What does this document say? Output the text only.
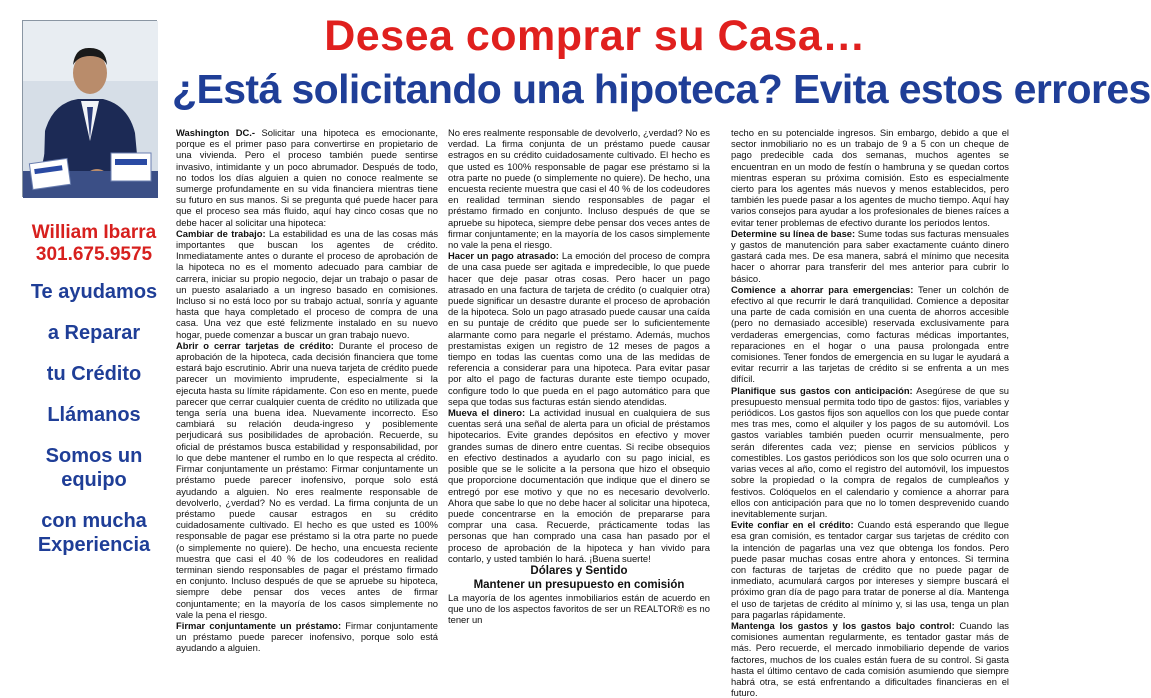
Desea comprar su Casa…
¿Está solicitando una hipoteca? Evita estos errores
William Ibarra
301.675.9575
Te ayudamos
a Reparar
tu Crédito
Llámanos
Somos un
equipo
con mucha
Experiencia

Washington DC.- Solicitar una hipoteca es emocionante, porque es el primer paso para convertirse en propietario de una vivienda. Pero el proceso también puede sentirse invasivo, intimidante y un poco abrumador. Después de todo, no todos los días alguien a quien no conoce realmente se sumerge profundamente en su vida financiera mientras tiene su futuro en sus manos. Si se pregunta qué puede hacer para que el proceso sea más fluido, aquí hay cinco cosas que no debe hacer al solicitar una hipoteca:

Cambiar de trabajo: La estabilidad es una de las cosas más importantes que buscan los agentes de crédito. Inmediatamente antes o durante el proceso de aprobación de la hipoteca no es el momento adecuado para cambiar de carrera, iniciar su propio negocio, dejar un trabajo o pasar de un puesto asalariado a un ingreso basado en comisiones. Incluso si no está loco por su trabajo actual, sonría y aguante hasta que haya completado el proceso de compra de una casa. Una vez que esté felizmente instalado en su nuevo hogar, puede comenzar a buscar un gran trabajo nuevo.

Abrir o cerrar tarjetas de crédito: Durante el proceso de aprobación de la hipoteca, cada decisión financiera que tome estará bajo escrutinio. Abrir una nueva tarjeta de crédito puede parecer un movimiento imprudente, especialmente si la ejecuta hasta su límite rápidamente. Con eso en mente, puede parecer que cerrar cualquier cuenta de crédito no utilizada que tenga sería una buena idea. Nuevamente incorrecto. Eso cambiará su relación deuda-ingreso y posiblemente perjudicará sus posibilidades de aprobación. Recuerde, su oficial de préstamos busca estabilidad y responsabilidad, por lo que debe mantener el rumbo en lo que respecta al crédito. Firmar conjuntamente un préstamo: Firmar conjuntamente un préstamo puede parecer inofensivo, porque solo está ayudando a alguien. No eres realmente responsable de devolverlo, ¿verdad? No es verdad. La firma conjunta de un préstamo puede causar estragos en su crédito cuidadosamente cultivado. El hecho es que usted es 100% responsable de pagar ese préstamo si la otra parte no puede (o simplemente no quiere). De hecho, una encuesta reciente muestra que casi el 40 % de los codeudores en realidad terminan siendo responsables de pagar el préstamo firmado en conjunto. Incluso después de que se apruebe su hipoteca, siempre debe pensar dos veces antes de firmar conjuntamente; en la mayoría de los casos simplemente no vale la pena el riesgo.

Firmar conjuntamente un préstamo: Firmar conjuntamente un préstamo puede parecer inofensivo, porque solo está ayudando a alguien.

No eres realmente responsable de devolverlo, ¿verdad? No es verdad. La firma conjunta de un préstamo puede causar estragos en su crédito cuidadosamente cultivado. El hecho es que usted es 100% responsable de pagar ese préstamo si la otra parte no puede (o simplemente no quiere). De hecho, una encuesta reciente muestra que casi el 40 % de los codeudores en realidad terminan siendo responsables de pagar el préstamo firmado en conjunto. Incluso después de que se apruebe su hipoteca, siempre debe pensar dos veces antes de firmar conjuntamente; en la mayoría de los casos simplemente no vale la pena el riesgo.

Hacer un pago atrasado: La emoción del proceso de compra de una casa puede ser agitada e impredecible, lo que puede hacer que deje pasar otras cosas. Pero hacer un pago atrasado en una factura de tarjeta de crédito (o cualquier otra) puede significar un desastre durante el proceso de aprobación de la hipoteca. Solo un pago atrasado puede causar una caída en su puntaje de crédito que puede ser lo suficientemente alarmante como para negarle el préstamo. Además, muchos prestamistas exigen un registro de 12 meses de pagos a tiempo en todas las cuentas como una de las medidas de referencia a considerar para una hipoteca. Para evitar pasar por alto el pago de facturas durante este tiempo ocupado, configure todo lo que pueda en el pago automático para que sepa que todas sus facturas están siendo atendidas.

Mueva el dinero: La actividad inusual en cualquiera de sus cuentas será una señal de alerta para un oficial de préstamos hipotecarios. Evite grandes depósitos en efectivo y mover grandes sumas de dinero entre cuentas. Si recibe obsequios en efectivo destinados a ayudarlo con su pago inicial, es posible que se le solicite a la persona que hizo el obsequio que proporcione documentación que indique que el dinero se entregó por ese motivo y que no es necesario devolverlo. Ahora que sabe lo que no debe hacer al solicitar una hipoteca, puede concentrarse en la emoción de prepararse para comprar una casa. Recuerde, prácticamente todas las personas que han comprado una casa han pasado por el proceso de aprobación de la hipoteca y han vivido para contarlo, y usted también lo hará. ¡Buena suerte!

Dólares y Sentido
Mantener un presupuesto en comisión

La mayoría de los agentes inmobiliarios están de acuerdo en que uno de los aspectos favoritos de ser un REALTOR® es no tener un

techo en su potencialde ingresos. Sin embargo, debido a que el sector inmobiliario no es un trabajo de 9 a 5 con un cheque de pago predecible cada dos semanas, muchos agentes se encuentran en un modo de festín o hambruna y se quedan cortos mientras esperan su próxima comisión. Esto es especialmente cierto para los agentes más nuevos y menos establecidos, pero también les puede pasar a los agentes de mucho tiempo. Aquí hay varios consejos para ayudar a los profesionales de bienes raíces a evitar tener problemas de efectivo durante los periodos lentos.

Determine su línea de base: Sume todas sus facturas mensuales y gastos de manutención para saber exactamente cuánto dinero gastará cada mes. De esa manera, sabrá el mínimo que necesita hacer o ahorrar para transferir del mes anterior para cubrir lo básico.

Comience a ahorrar para emergencias: Tener un colchón de efectivo al que recurrir le dará tranquilidad. Comience a depositar una parte de cada comisión en una cuenta de ahorros accesible (pero no demasiado accesible) reservada exclusivamente para verdaderas emergencias, como facturas médicas importantes, reparaciones en el hogar o una pausa prolongada entre comisiones. Tener fondos de emergencia en su lugar le ayudará a evitar recurrir a las tarjetas de crédito si se enfrenta a un mes difícil.

Planifique sus gastos con anticipación: Asegúrese de que su presupuesto mensual permita todo tipo de gastos: fijos, variables y periódicos. Los gastos fijos son aquellos con los que puede contar mes tras mes, como el alquiler y los pagos de su automóvil. Los gastos variables también pueden ocurrir mensualmente, pero serán diferentes cada vez; piense en servicios públicos y comestibles. Los gastos periódicos son los que solo ocurren una o varias veces al año, como el registro del automóvil, los impuestos sobre la propiedad o la compra de regalos de cumpleaños y festivos. Colóquelos en el calendario y comience a ahorrar para ellos con anticipación para que no lo tomen desprevenido cuando inevitablemente surjan.

Evite confiar en el crédito: Cuando está esperando que llegue esa gran comisión, es tentador cargar sus tarjetas de crédito con la intención de pagarlas una vez que obtenga los fondos. Pero puede pasar muchas cosas entre ahora y entonces. Si termina con facturas de tarjetas de crédito que no puede pagar de inmediato, acumulará cargos por intereses y siempre buscará el próximo gran día de pago para tratar de ponerse al día. Mantenga el uso de tarjetas de crédito al mínimo y, si las usa, tenga un plan para pagarlas rápidamente.

Mantenga los gastos y los gastos bajo control: Cuando las comisiones aumentan regularmente, es tentador gastar más de más. Pero recuerde, el mercado inmobiliario depende de varios factores, muchos de los cuales están fuera de su control. Si gasta hasta el último centavo de cada comisión asumiendo que siempre habrá otra, se está enfrentando a dificultades financieras en el futuro.
